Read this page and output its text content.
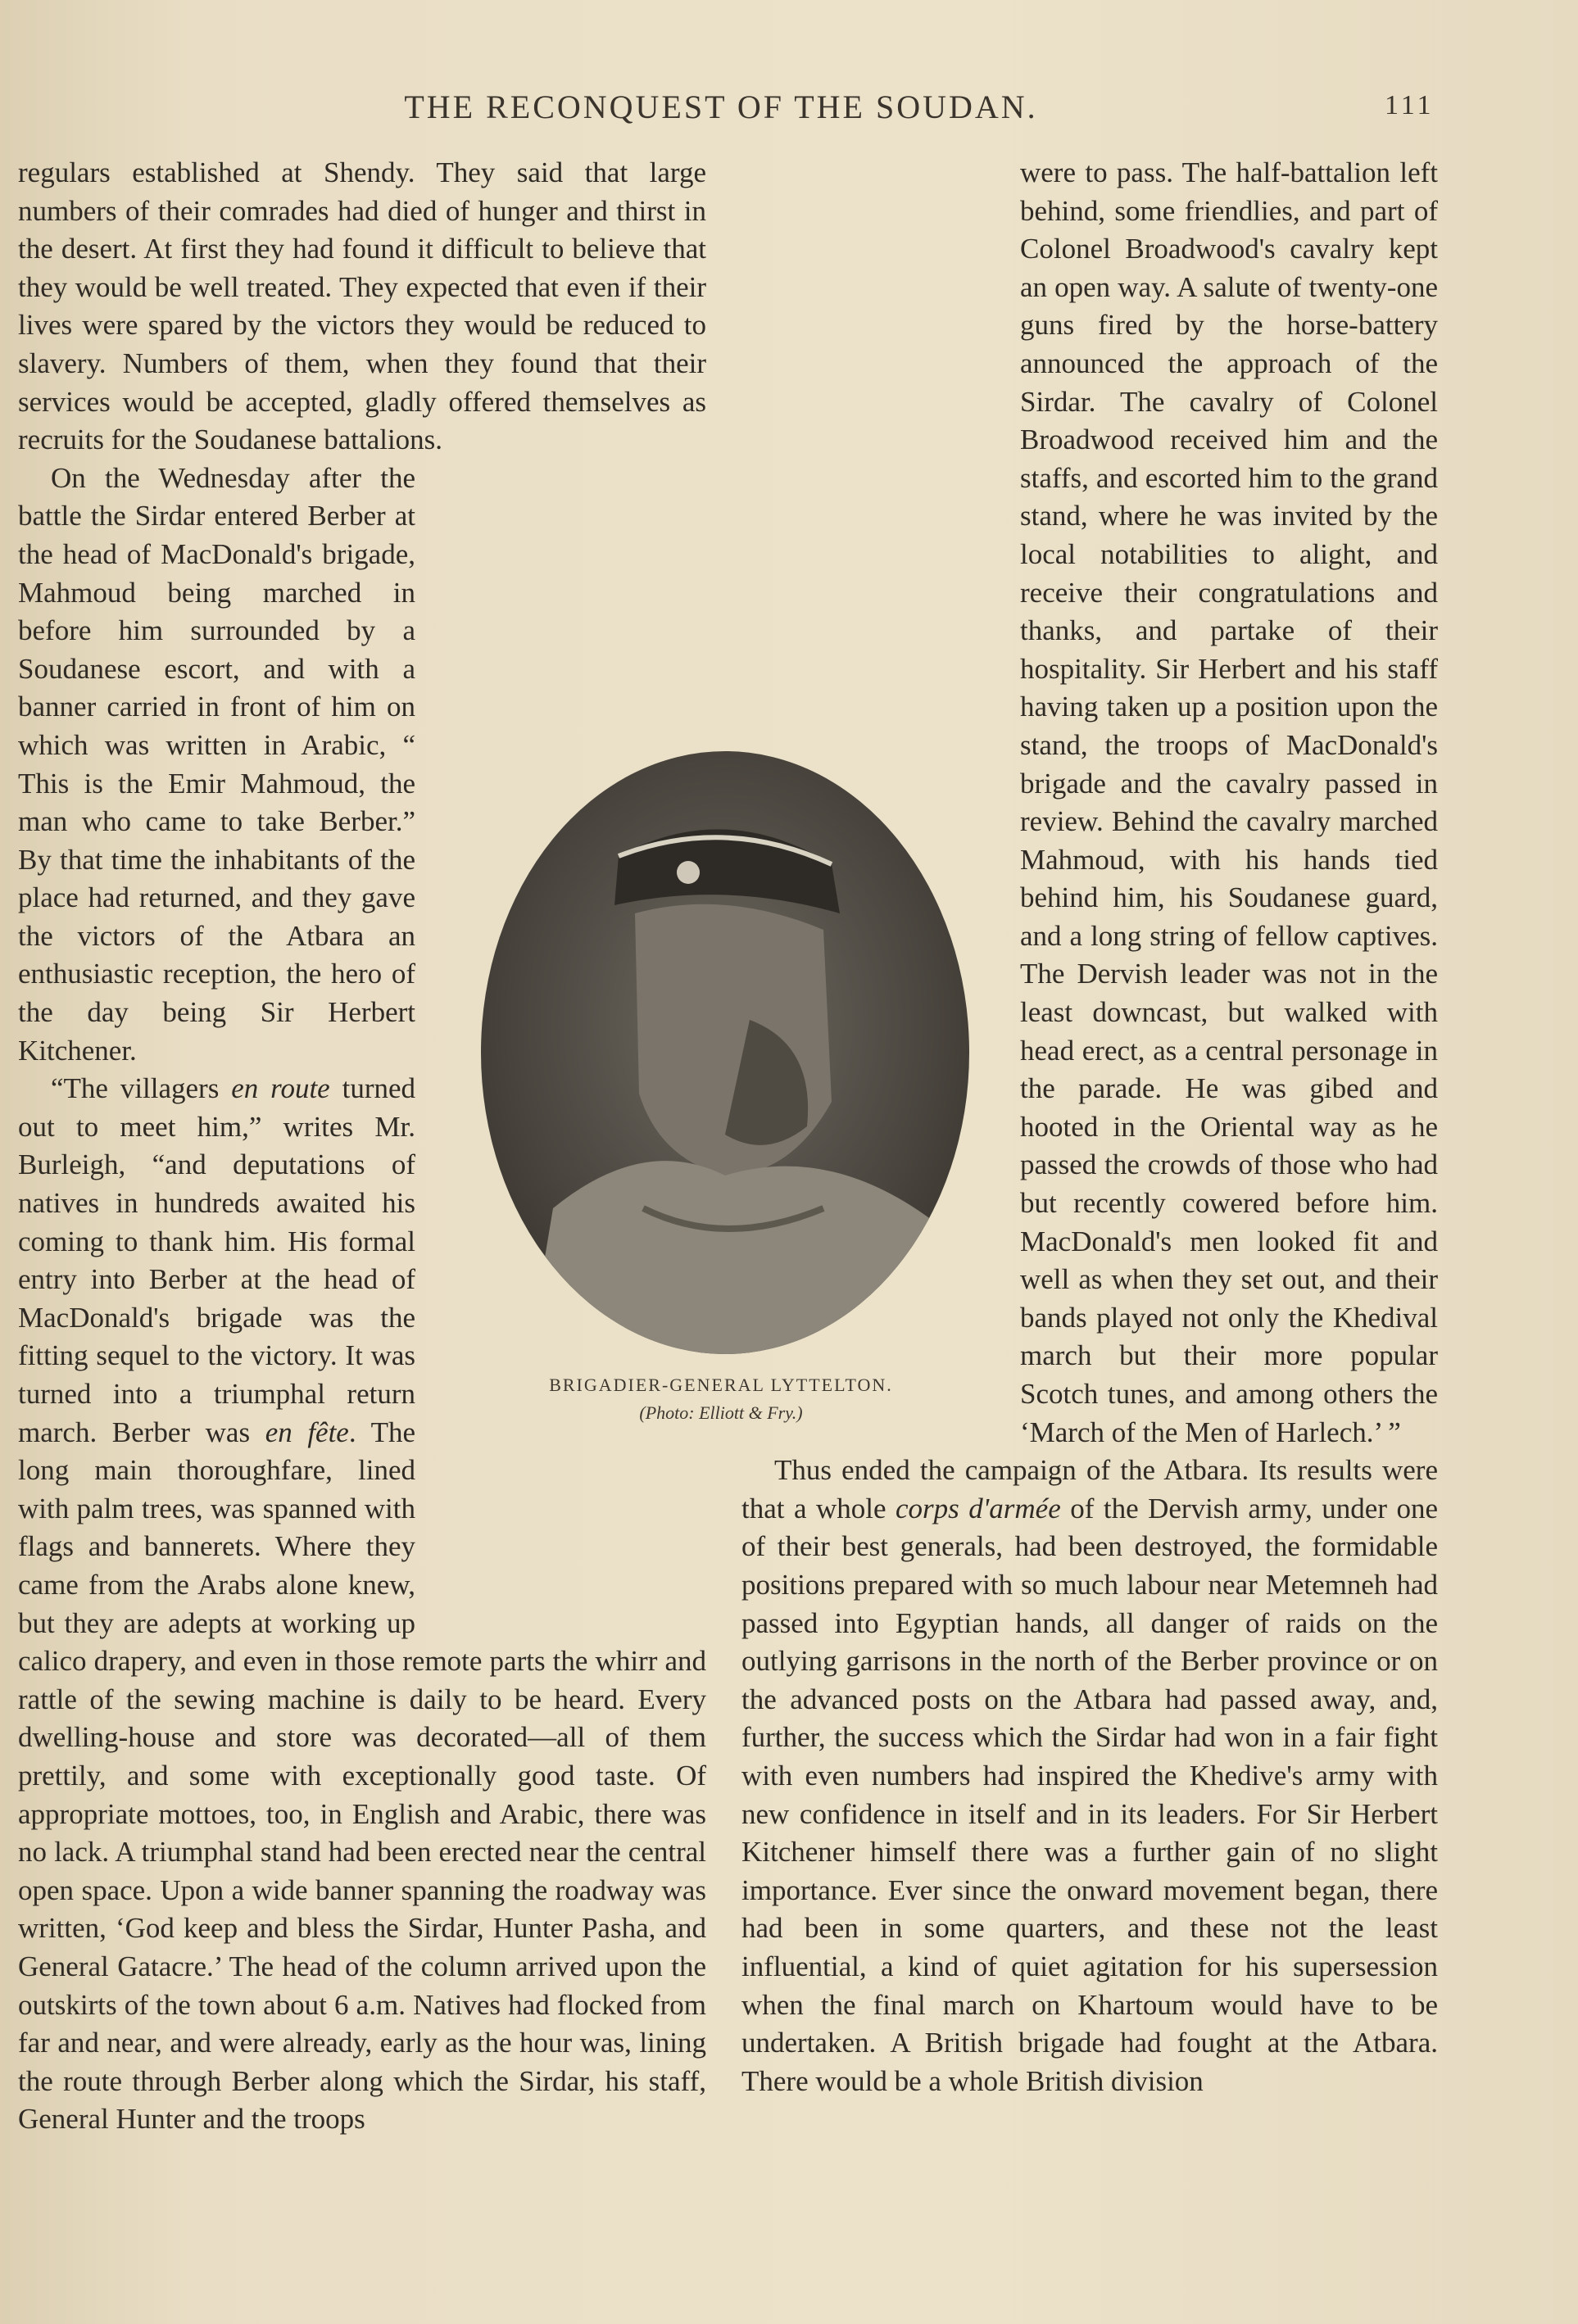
THE RECONQUEST OF THE SOUDAN.	111

regulars established at Shendy. They said that large numbers of their comrades had died of hunger and thirst in the desert. At first they had found it difficult to believe that they would be well treated. They expected that even if their lives were spared by the victors they would be reduced to slavery. Numbers of them, when they found that their services would be accepted, gladly offered themselves as recruits for the Soudanese battalions.

On the Wednesday after the battle the Sirdar entered Berber at the head of MacDonald's brigade, Mahmoud being marched in before him surrounded by a Soudanese escort, and with a banner carried in front of him on which was written in Arabic, “ This is the Emir Mahmoud, the man who came to take Berber.” By that time the inhabitants of the place had returned, and they gave the victors of the Atbara an enthusiastic reception, the hero of the day being Sir Herbert Kitchener.

“The villagers en route turned out to meet him,” writes Mr. Burleigh, “and deputations of natives in hundreds awaited his coming to thank him. His formal entry into Berber at the head of MacDonald's brigade was the fitting sequel to the victory. It was turned into a triumphal return march. Berber was en fête. The long main thoroughfare, lined with palm trees, was spanned with flags and bannerets. Where they came from the Arabs alone knew, but they are adepts at working up calico drapery, and even in those remote parts the whirr and rattle of the sewing machine is daily to be heard. Every dwelling-house and store was decorated—all of them prettily, and some with exceptionally good taste. Of appropriate mottoes, too, in English and Arabic, there was no lack. A triumphal stand had been erected near the central open space. Upon a wide banner spanning the roadway was written, ‘God keep and bless the Sirdar, Hunter Pasha, and General Gatacre.’ The head of the column arrived upon the outskirts of the town about 6 a.m. Natives had flocked from far and near, and were already, early as the hour was, lining the route through Berber along which the Sirdar, his staff, General Hunter and the troops

were to pass. The half-battalion left behind, some friendlies, and part of Colonel Broadwood's cavalry kept an open way. A salute of twenty-one guns fired by the horse-battery announced the approach of the Sirdar. The cavalry of Colonel Broadwood received him and the staffs, and escorted him to the grand stand, where he was invited by the local notabilities to alight, and receive their congratulations and thanks, and partake of their hospitality. Sir Herbert and his staff having taken up a position upon the stand, the troops of MacDonald's brigade and the cavalry passed in review. Behind the cavalry marched Mahmoud, with his hands tied behind him, his Soudanese guard, and a long string of fellow captives. The Dervish leader was not in the least downcast, but walked with head erect, as a central personage in the parade. He was gibed and hooted in the Oriental way as he passed the crowds of those who had but recently cowered before him. MacDonald's men looked fit and well as when they set out, and their bands played not only the Khedival march but their more popular Scotch tunes, and among others the ‘March of the Men of Harlech.’ ”

Thus ended the campaign of the Atbara. Its results were that a whole corps d'armée of the Dervish army, under one of their best generals, had been destroyed, the formidable positions prepared with so much labour near Metemneh had passed into Egyptian hands, all danger of raids on the outlying garrisons in the north of the Berber province or on the advanced posts on the Atbara had passed away, and, further, the success which the Sirdar had won in a fair fight with even numbers had inspired the Khedive's army with new confidence in itself and in its leaders. For Sir Herbert Kitchener himself there was a further gain of no slight importance. Ever since the onward movement began, there had been in some quarters, and these not the least influential, a kind of quiet agitation for his supersession when the final march on Khartoum would have to be undertaken. A British brigade had fought at the Atbara. There would be a whole British division

BRIGADIER-GENERAL LYTTELTON.
(Photo: Elliott & Fry.)
